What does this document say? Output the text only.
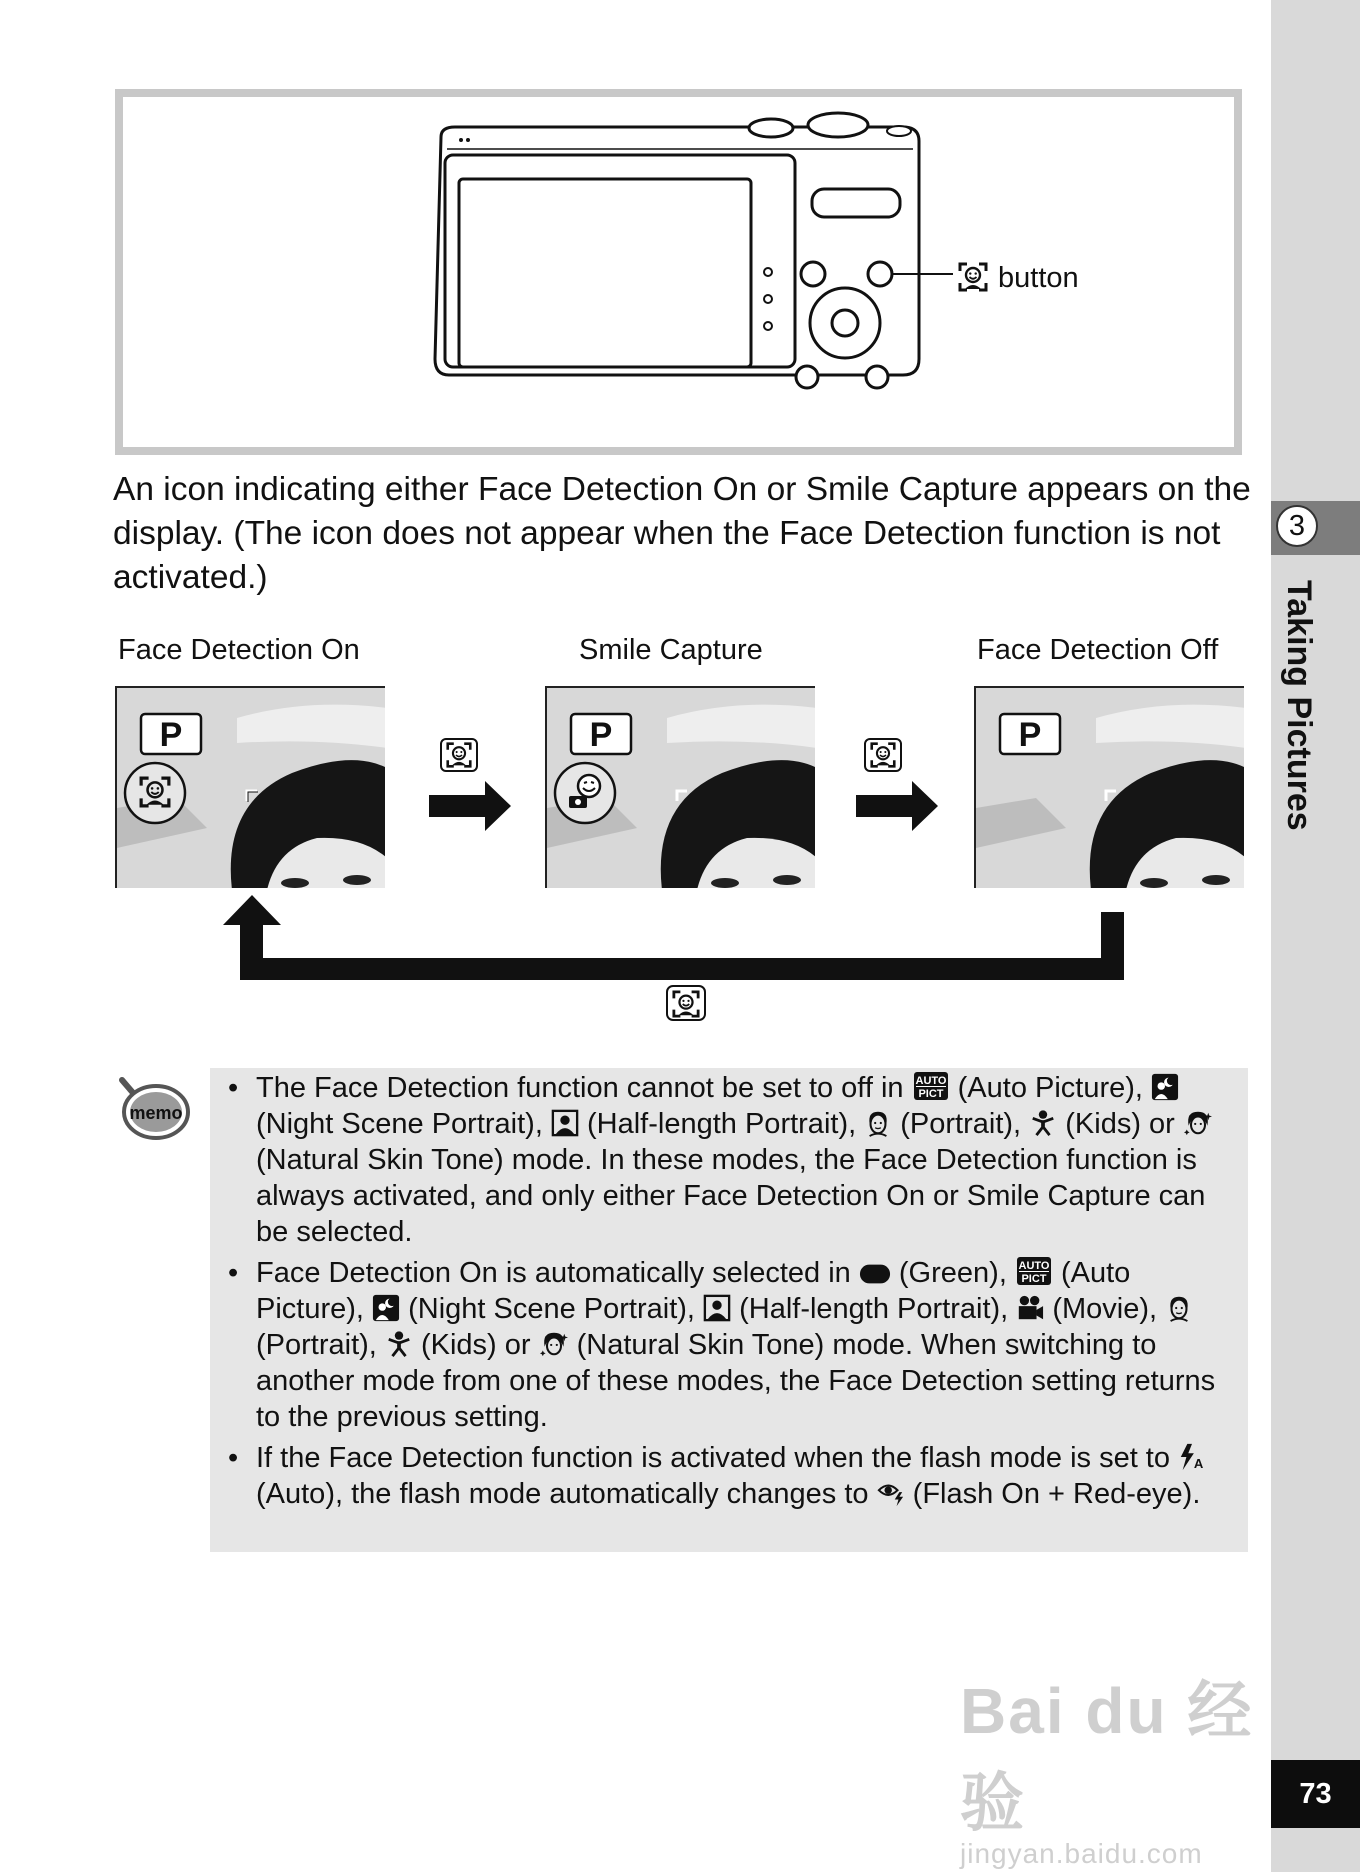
3
Taking Pictures
button
An icon indicating either Face Detection On or Smile Capture appears on the display. (The icon does not appear when the Face Detection function is not activated.)
Face Detection On	Smile Capture	Face Detection Off
P	P	P
memo
• The Face Detection function cannot be set to off in  (Auto Picture),  (Night Scene Portrait),  (Half-length Portrait),  (Portrait),  (Kids) or  (Natural Skin Tone) mode. In these modes, the Face Detection function is always activated, and only either Face Detection On or Smile Capture can be selected.
• Face Detection On is automatically selected in  (Green),  (Auto Picture),  (Night Scene Portrait),  (Half-length Portrait),  (Movie),  (Portrait),  (Kids) or  (Natural Skin Tone) mode. When switching to another mode from one of these modes, the Face Detection setting returns to the previous setting.
• If the Face Detection function is activated when the flash mode is set to  (Auto), the flash mode automatically changes to  (Flash On + Red-eye).
Bai du 经验
jingyan.baidu.com
73
